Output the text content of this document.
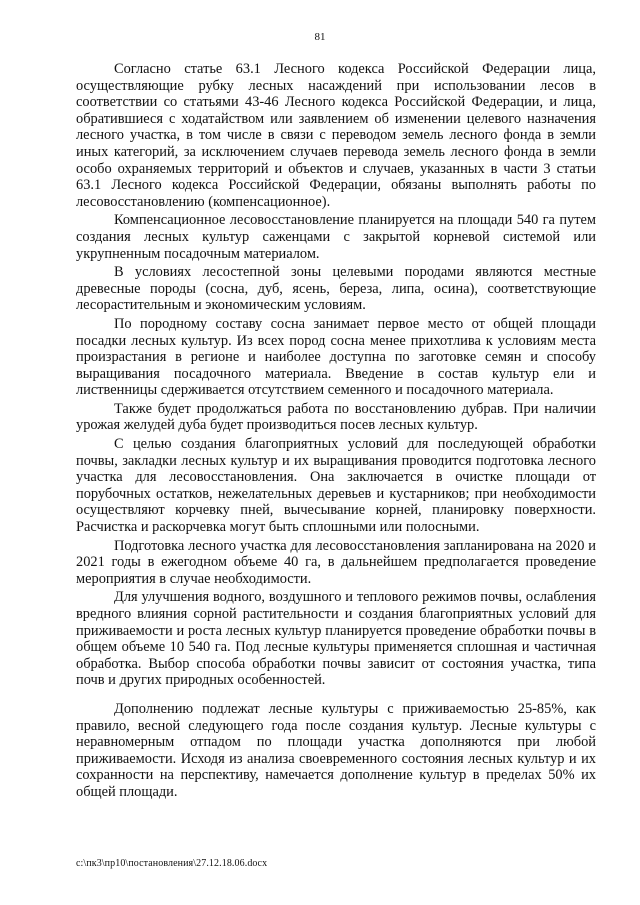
81

Согласно статье 63.1 Лесного кодекса Российской Федерации лица, осуществляющие рубку лесных насаждений при использовании лесов в соответствии со статьями 43-46 Лесного кодекса Российской Федерации, и лица, обратившиеся с ходатайством или заявлением об изменении целевого назначения лесного участка, в том числе в связи с переводом земель лесного фонда в земли иных категорий, за исключением случаев перевода земель лесного фонда в земли особо охраняемых территорий и объектов и случаев, указанных в части 3 статьи 63.1 Лесного кодекса Российской Федерации, обязаны выполнять работы по лесовосстановлению (компенсационное).

Компенсационное лесовосстановление планируется на площади 540 га путем создания лесных культур саженцами с закрытой корневой системой или укрупненным посадочным материалом.

В условиях лесостепной зоны целевыми породами являются местные древесные породы (сосна, дуб, ясень, береза, липа, осина), соответствующие лесорастительным и экономическим условиям.

По породному составу сосна занимает первое место от общей площади посадки лесных культур. Из всех пород сосна менее прихотлива к условиям места произрастания в регионе и наиболее доступна по заготовке семян и способу выращивания посадочного материала. Введение в состав культур ели и лиственницы сдерживается отсутствием семенного и посадочного материала.

Также будет продолжаться работа по восстановлению дубрав. При наличии урожая желудей дуба будет производиться посев лесных культур.

С целью создания благоприятных условий для последующей обработки почвы, закладки лесных культур и их выращивания проводится подготовка лесного участка для лесовосстановления. Она заключается в очистке площади от порубочных остатков, нежелательных деревьев и кустарников; при необходимости осуществляют корчевку пней, вычесывание корней, планировку поверхности. Расчистка и раскорчевка могут быть сплошными или полосными.

Подготовка лесного участка для лесовосстановления запланирована на 2020 и 2021 годы в ежегодном объеме 40 га, в дальнейшем предполагается проведение мероприятия в случае необходимости.

Для улучшения водного, воздушного и теплового режимов почвы, ослабления вредного влияния сорной растительности и создания благоприятных условий для приживаемости и роста лесных культур планируется проведение обработки почвы в общем объеме 10 540 га. Под лесные культуры применяется сплошная и частичная обработка. Выбор способа обработки почвы зависит от состояния участка, типа почв и других природных особенностей.

Дополнению подлежат лесные культуры с приживаемостью 25-85%, как правило, весной следующего года после создания культур. Лесные культуры с неравномерным отпадом по площади участка дополняются при любой приживаемости. Исходя из анализа своевременного состояния лесных культур и их сохранности на перспективу, намечается дополнение культур в пределах 50% их общей площади.

c:\пк3\пр10\постановления\27.12.18.06.docx
